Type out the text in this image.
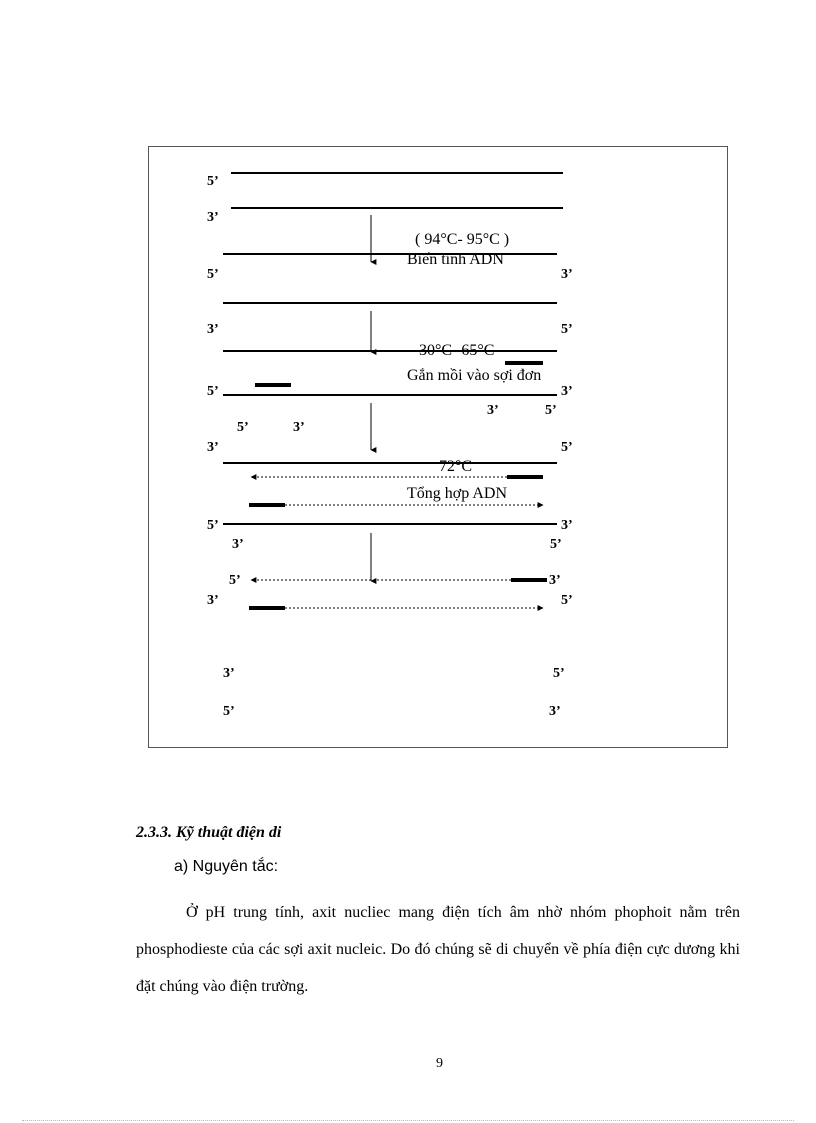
5’
3’
( 94°C- 95°C )
Biến tính ADN
5’	3’
3’	5’
30°C- 65°C
Gắn mồi vào sợi đơn
5’	3’
3’	5’
5’	3’
3’	5’
72°C
Tổng hợp ADN
5’	3’
3’	5’
5’	3’
3’	5’
3’	5’
5’	3’
2.3.3. Kỹ thuật điện di
a) Nguyên tắc:

Ở pH trung tính, axit nucliec mang điện tích âm nhờ nhóm phophoit nằm trên phosphodieste của các sợi axit nucleic. Do đó chúng sẽ di chuyển về phía điện cực dương khi đặt chúng vào điện trường.

9
